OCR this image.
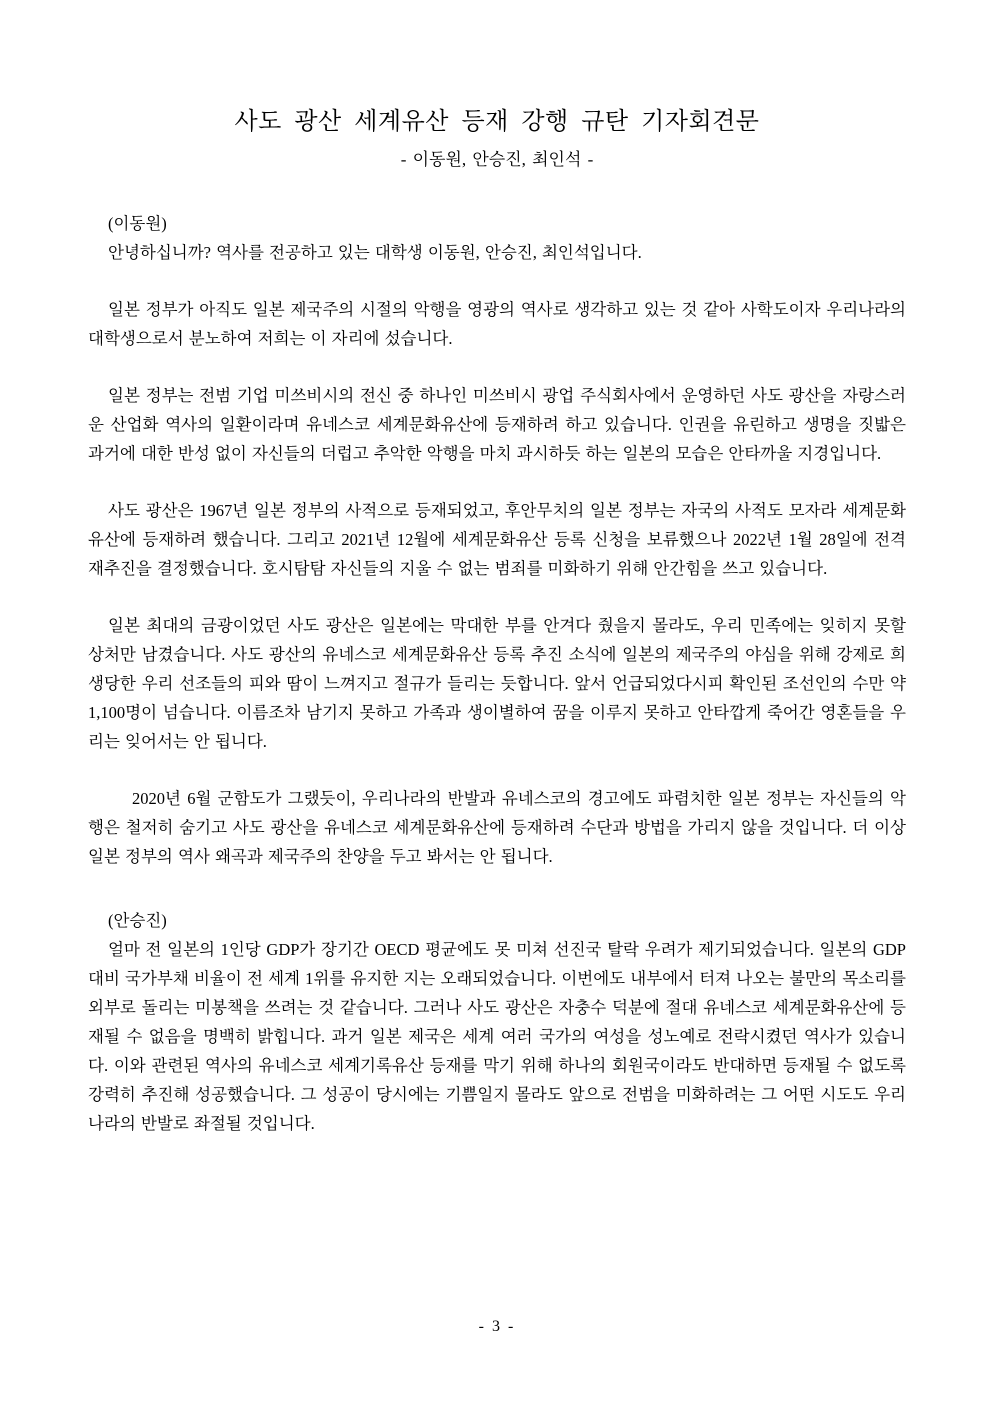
사도 광산 세계유산 등재 강행 규탄 기자회견문
- 이동원, 안승진, 최인석 -
(이동원)

안녕하십니까? 역사를 전공하고 있는 대학생 이동원, 안승진, 최인석입니다.

일본 정부가 아직도 일본 제국주의 시절의 악행을 영광의 역사로 생각하고 있는 것 같아 사학도이자 우리나라의 대학생으로서 분노하여 저희는 이 자리에 섰습니다.

일본 정부는 전범 기업 미쓰비시의 전신 중 하나인 미쓰비시 광업 주식회사에서 운영하던 사도 광산을 자랑스러운 산업화 역사의 일환이라며 유네스코 세계문화유산에 등재하려 하고 있습니다. 인권을 유린하고 생명을 짓밟은 과거에 대한 반성 없이 자신들의 더럽고 추악한 악행을 마치 과시하듯 하는 일본의 모습은 안타까울 지경입니다.

사도 광산은 1967년 일본 정부의 사적으로 등재되었고, 후안무치의 일본 정부는 자국의 사적도 모자라 세계문화유산에 등재하려 했습니다. 그리고 2021년 12월에 세계문화유산 등록 신청을 보류했으나 2022년 1월 28일에 전격 재추진을 결정했습니다. 호시탐탐 자신들의 지울 수 없는 범죄를 미화하기 위해 안간힘을 쓰고 있습니다.

일본 최대의 금광이었던 사도 광산은 일본에는 막대한 부를 안겨다 줬을지 몰라도, 우리 민족에는 잊히지 못할 상처만 남겼습니다. 사도 광산의 유네스코 세계문화유산 등록 추진 소식에 일본의 제국주의 야심을 위해 강제로 희생당한 우리 선조들의 피와 땀이 느껴지고 절규가 들리는 듯합니다. 앞서 언급되었다시피 확인된 조선인의 수만 약 1,100명이 넘습니다. 이름조차 남기지 못하고 가족과 생이별하여 꿈을 이루지 못하고 안타깝게 죽어간 영혼들을 우리는 잊어서는 안 됩니다.

2020년 6월 군함도가 그랬듯이, 우리나라의 반발과 유네스코의 경고에도 파렴치한 일본 정부는 자신들의 악행은 철저히 숨기고 사도 광산을 유네스코 세계문화유산에 등재하려 수단과 방법을 가리지 않을 것입니다. 더 이상 일본 정부의 역사 왜곡과 제국주의 찬양을 두고 봐서는 안 됩니다.

(안승진)

얼마 전 일본의 1인당 GDP가 장기간 OECD 평균에도 못 미쳐 선진국 탈락 우려가 제기되었습니다. 일본의 GDP 대비 국가부채 비율이 전 세계 1위를 유지한 지는 오래되었습니다. 이번에도 내부에서 터져 나오는 불만의 목소리를 외부로 돌리는 미봉책을 쓰려는 것 같습니다. 그러나 사도 광산은 자충수 덕분에 절대 유네스코 세계문화유산에 등재될 수 없음을 명백히 밝힙니다. 과거 일본 제국은 세계 여러 국가의 여성을 성노예로 전락시켰던 역사가 있습니다. 이와 관련된 역사의 유네스코 세계기록유산 등재를 막기 위해 하나의 회원국이라도 반대하면 등재될 수 없도록 강력히 추진해 성공했습니다. 그 성공이 당시에는 기쁨일지 몰라도 앞으로 전범을 미화하려는 그 어떤 시도도 우리나라의 반발로 좌절될 것입니다.

- 3 -
